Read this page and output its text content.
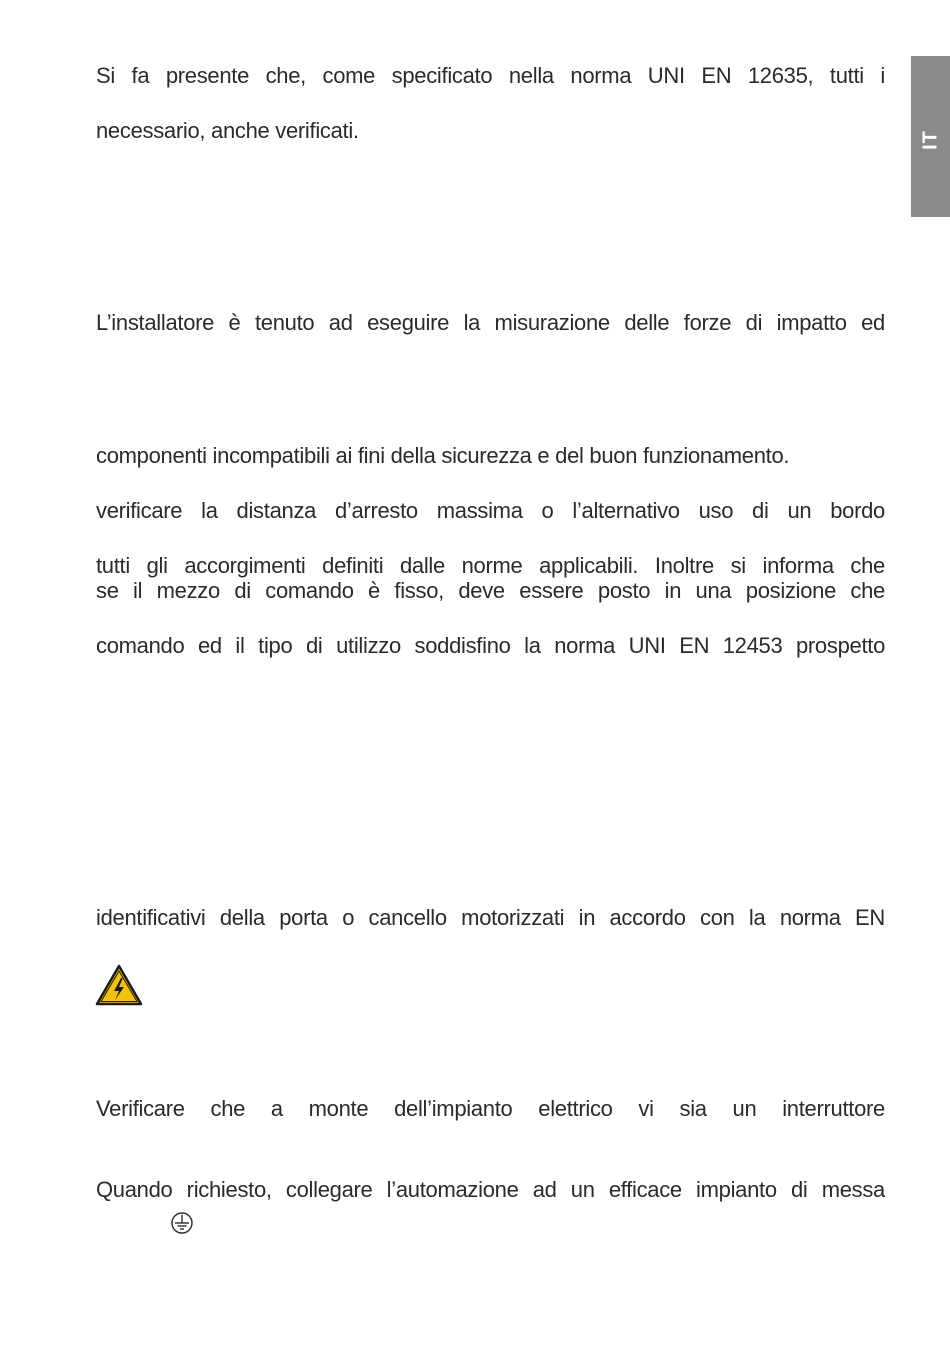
IT
Si fa presente che, come specificato nella norma UNI EN 12635, tutti i
necessario, anche verificati.
L’installatore è tenuto ad eseguire la misurazione delle forze di impatto ed
componenti incompatibili ai fini della sicurezza e del buon funzionamento.
verificare la distanza d’arresto massima o l’alternativo uso di un bordo
tutti gli accorgimenti definiti dalle norme applicabili. Inoltre si informa che
se il mezzo di comando è fisso, deve essere posto in una posizione che
comando ed il tipo di utilizzo soddisfino la norma UNI EN 12453 prospetto
identificativi della porta o cancello motorizzati in accordo con la norma EN
Verificare che a monte dell’impianto elettrico vi sia un interruttore
Quando richiesto, collegare l’automazione ad un efficace impianto di messa
